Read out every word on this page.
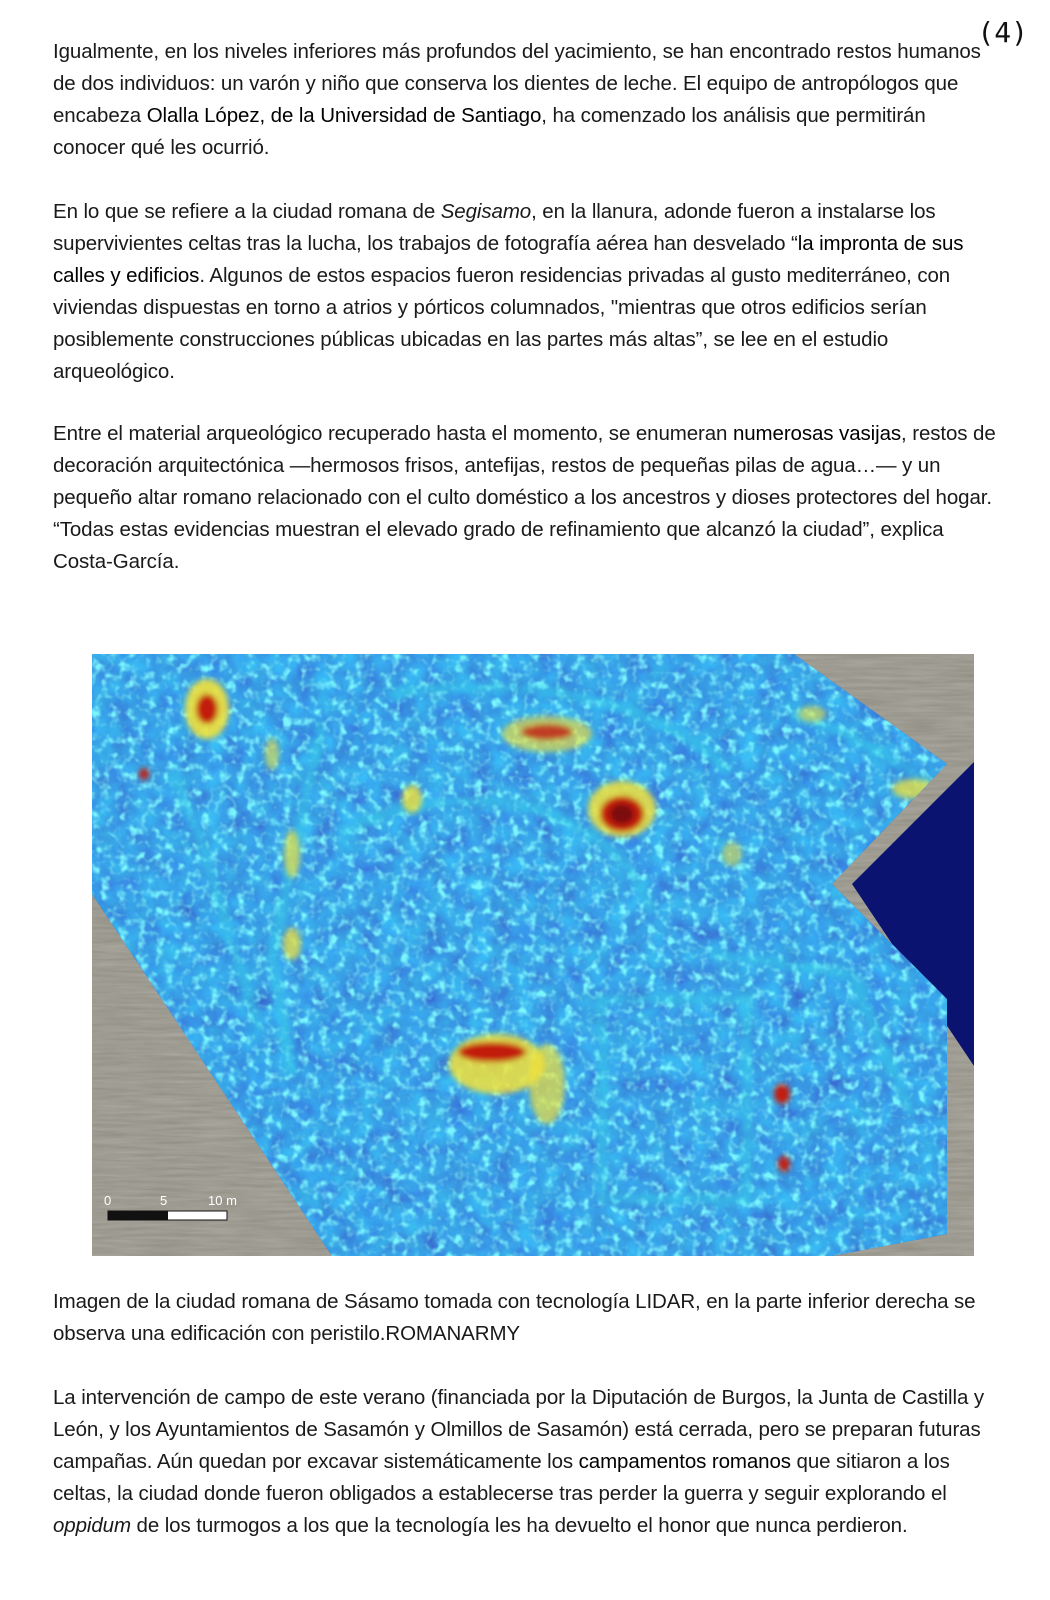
(4)

Igualmente, en los niveles inferiores más profundos del yacimiento, se han encontrado restos humanos de dos individuos: un varón y niño que conserva los dientes de leche. El equipo de antropólogos que encabeza Olalla López, de la Universidad de Santiago, ha comenzado los análisis que permitirán conocer qué les ocurrió.

En lo que se refiere a la ciudad romana de Segisamo, en la llanura, adonde fueron a instalarse los supervivientes celtas tras la lucha, los trabajos de fotografía aérea han desvelado “la impronta de sus calles y edificios. Algunos de estos espacios fueron residencias privadas al gusto mediterráneo, con viviendas dispuestas en torno a atrios y pórticos columnados, "mientras que otros edificios serían posiblemente construcciones públicas ubicadas en las partes más altas”, se lee en el estudio arqueológico.

Entre el material arqueológico recuperado hasta el momento, se enumeran numerosas vasijas, restos de decoración arquitectónica —hermosos frisos, antefijas, restos de pequeñas pilas de agua…— y un pequeño altar romano relacionado con el culto doméstico a los ancestros y dioses protectores del hogar. “Todas estas evidencias muestran el elevado grado de refinamiento que alcanzó la ciudad”, explica Costa-García.

0	5	10 m

Imagen de la ciudad romana de Sásamo tomada con tecnología LIDAR, en la parte inferior derecha se observa una edificación con peristilo.ROMANARMY

La intervención de campo de este verano (financiada por la Diputación de Burgos, la Junta de Castilla y León, y los Ayuntamientos de Sasamón y Olmillos de Sasamón) está cerrada, pero se preparan futuras campañas. Aún quedan por excavar sistemáticamente los campamentos romanos que sitiaron a los celtas, la ciudad donde fueron obligados a establecerse tras perder la guerra y seguir explorando el oppidum de los turmogos a los que la tecnología les ha devuelto el honor que nunca perdieron.
